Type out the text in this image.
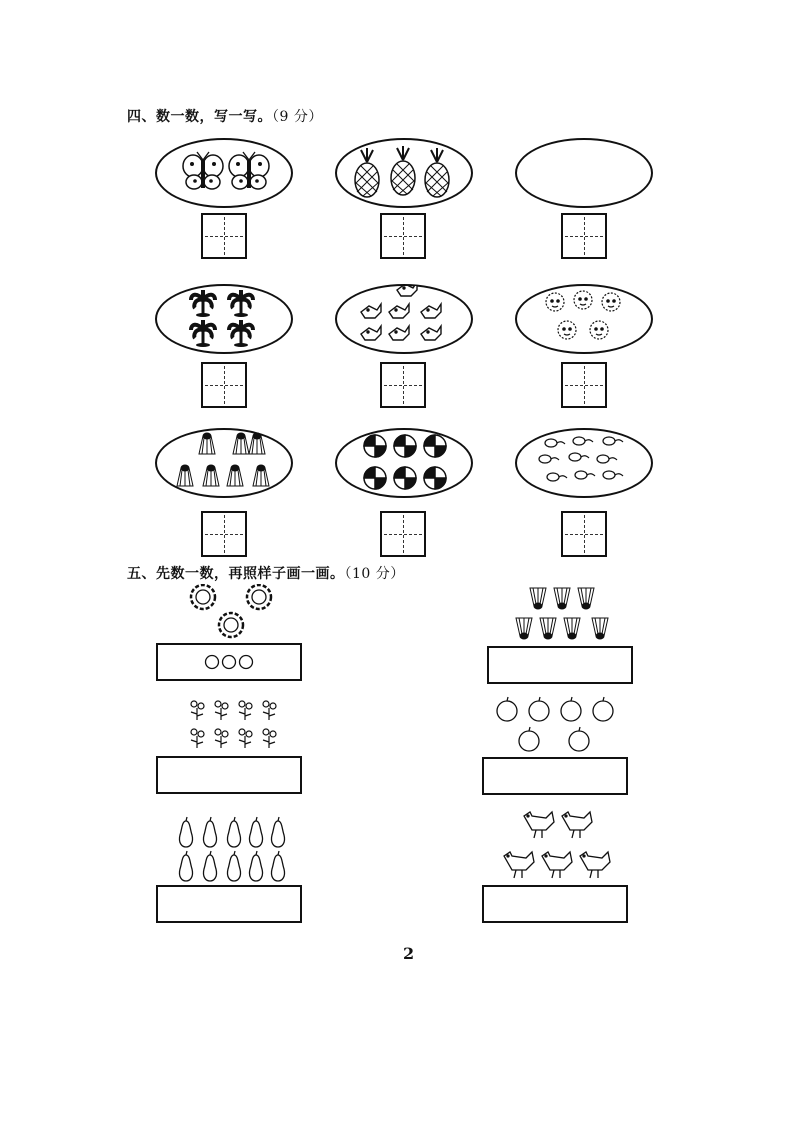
四、数一数，写一写。（9 分）
五、先数一数，再照样子画一画。（10 分）
2
